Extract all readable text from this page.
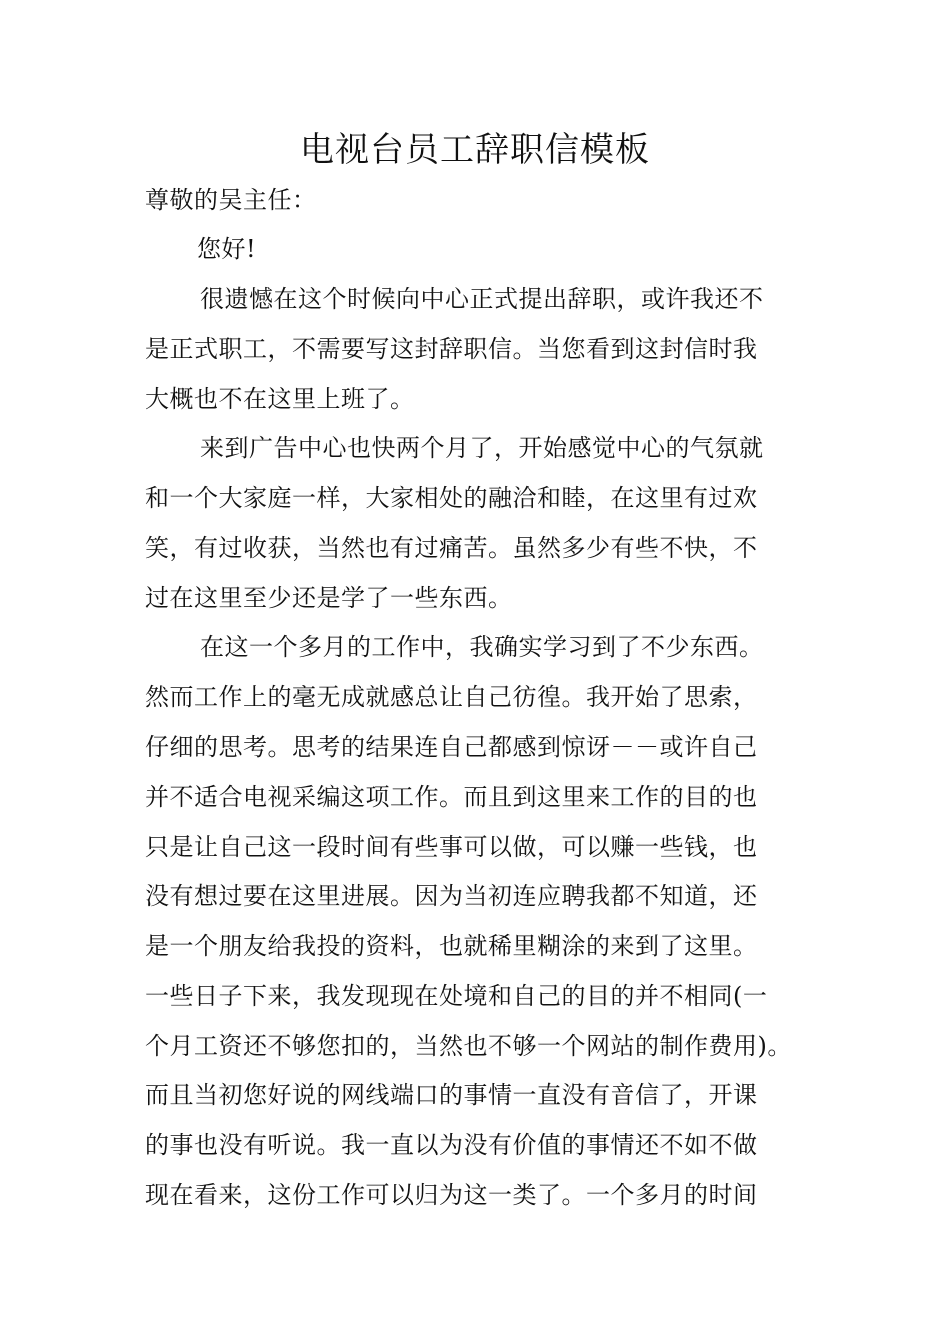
电视台员工辞职信模板
尊敬的吴主任：
您好!
很遗憾在这个时候向中心正式提出辞职，或许我还不
是正式职工，不需要写这封辞职信。当您看到这封信时我
大概也不在这里上班了。
来到广告中心也快两个月了，开始感觉中心的气氛就
和一个大家庭一样，大家相处的融洽和睦，在这里有过欢
笑，有过收获，当然也有过痛苦。虽然多少有些不快，不
过在这里至少还是学了一些东西。
在这一个多月的工作中，我确实学习到了不少东西。
然而工作上的毫无成就感总让自己彷徨。我开始了思索，
仔细的思考。思考的结果连自己都感到惊讶－－或许自己
并不适合电视采编这项工作。而且到这里来工作的目的也
只是让自己这一段时间有些事可以做，可以赚一些钱，也
没有想过要在这里进展。因为当初连应聘我都不知道，还
是一个朋友给我投的资料，也就稀里糊涂的来到了这里。
一些日子下来，我发现现在处境和自己的目的并不相同(一
个月工资还不够您扣的，当然也不够一个网站的制作费用)。
而且当初您好说的网线端口的事情一直没有音信了，开课
的事也没有听说。我一直以为没有价值的事情还不如不做
现在看来，这份工作可以归为这一类了。一个多月的时间
